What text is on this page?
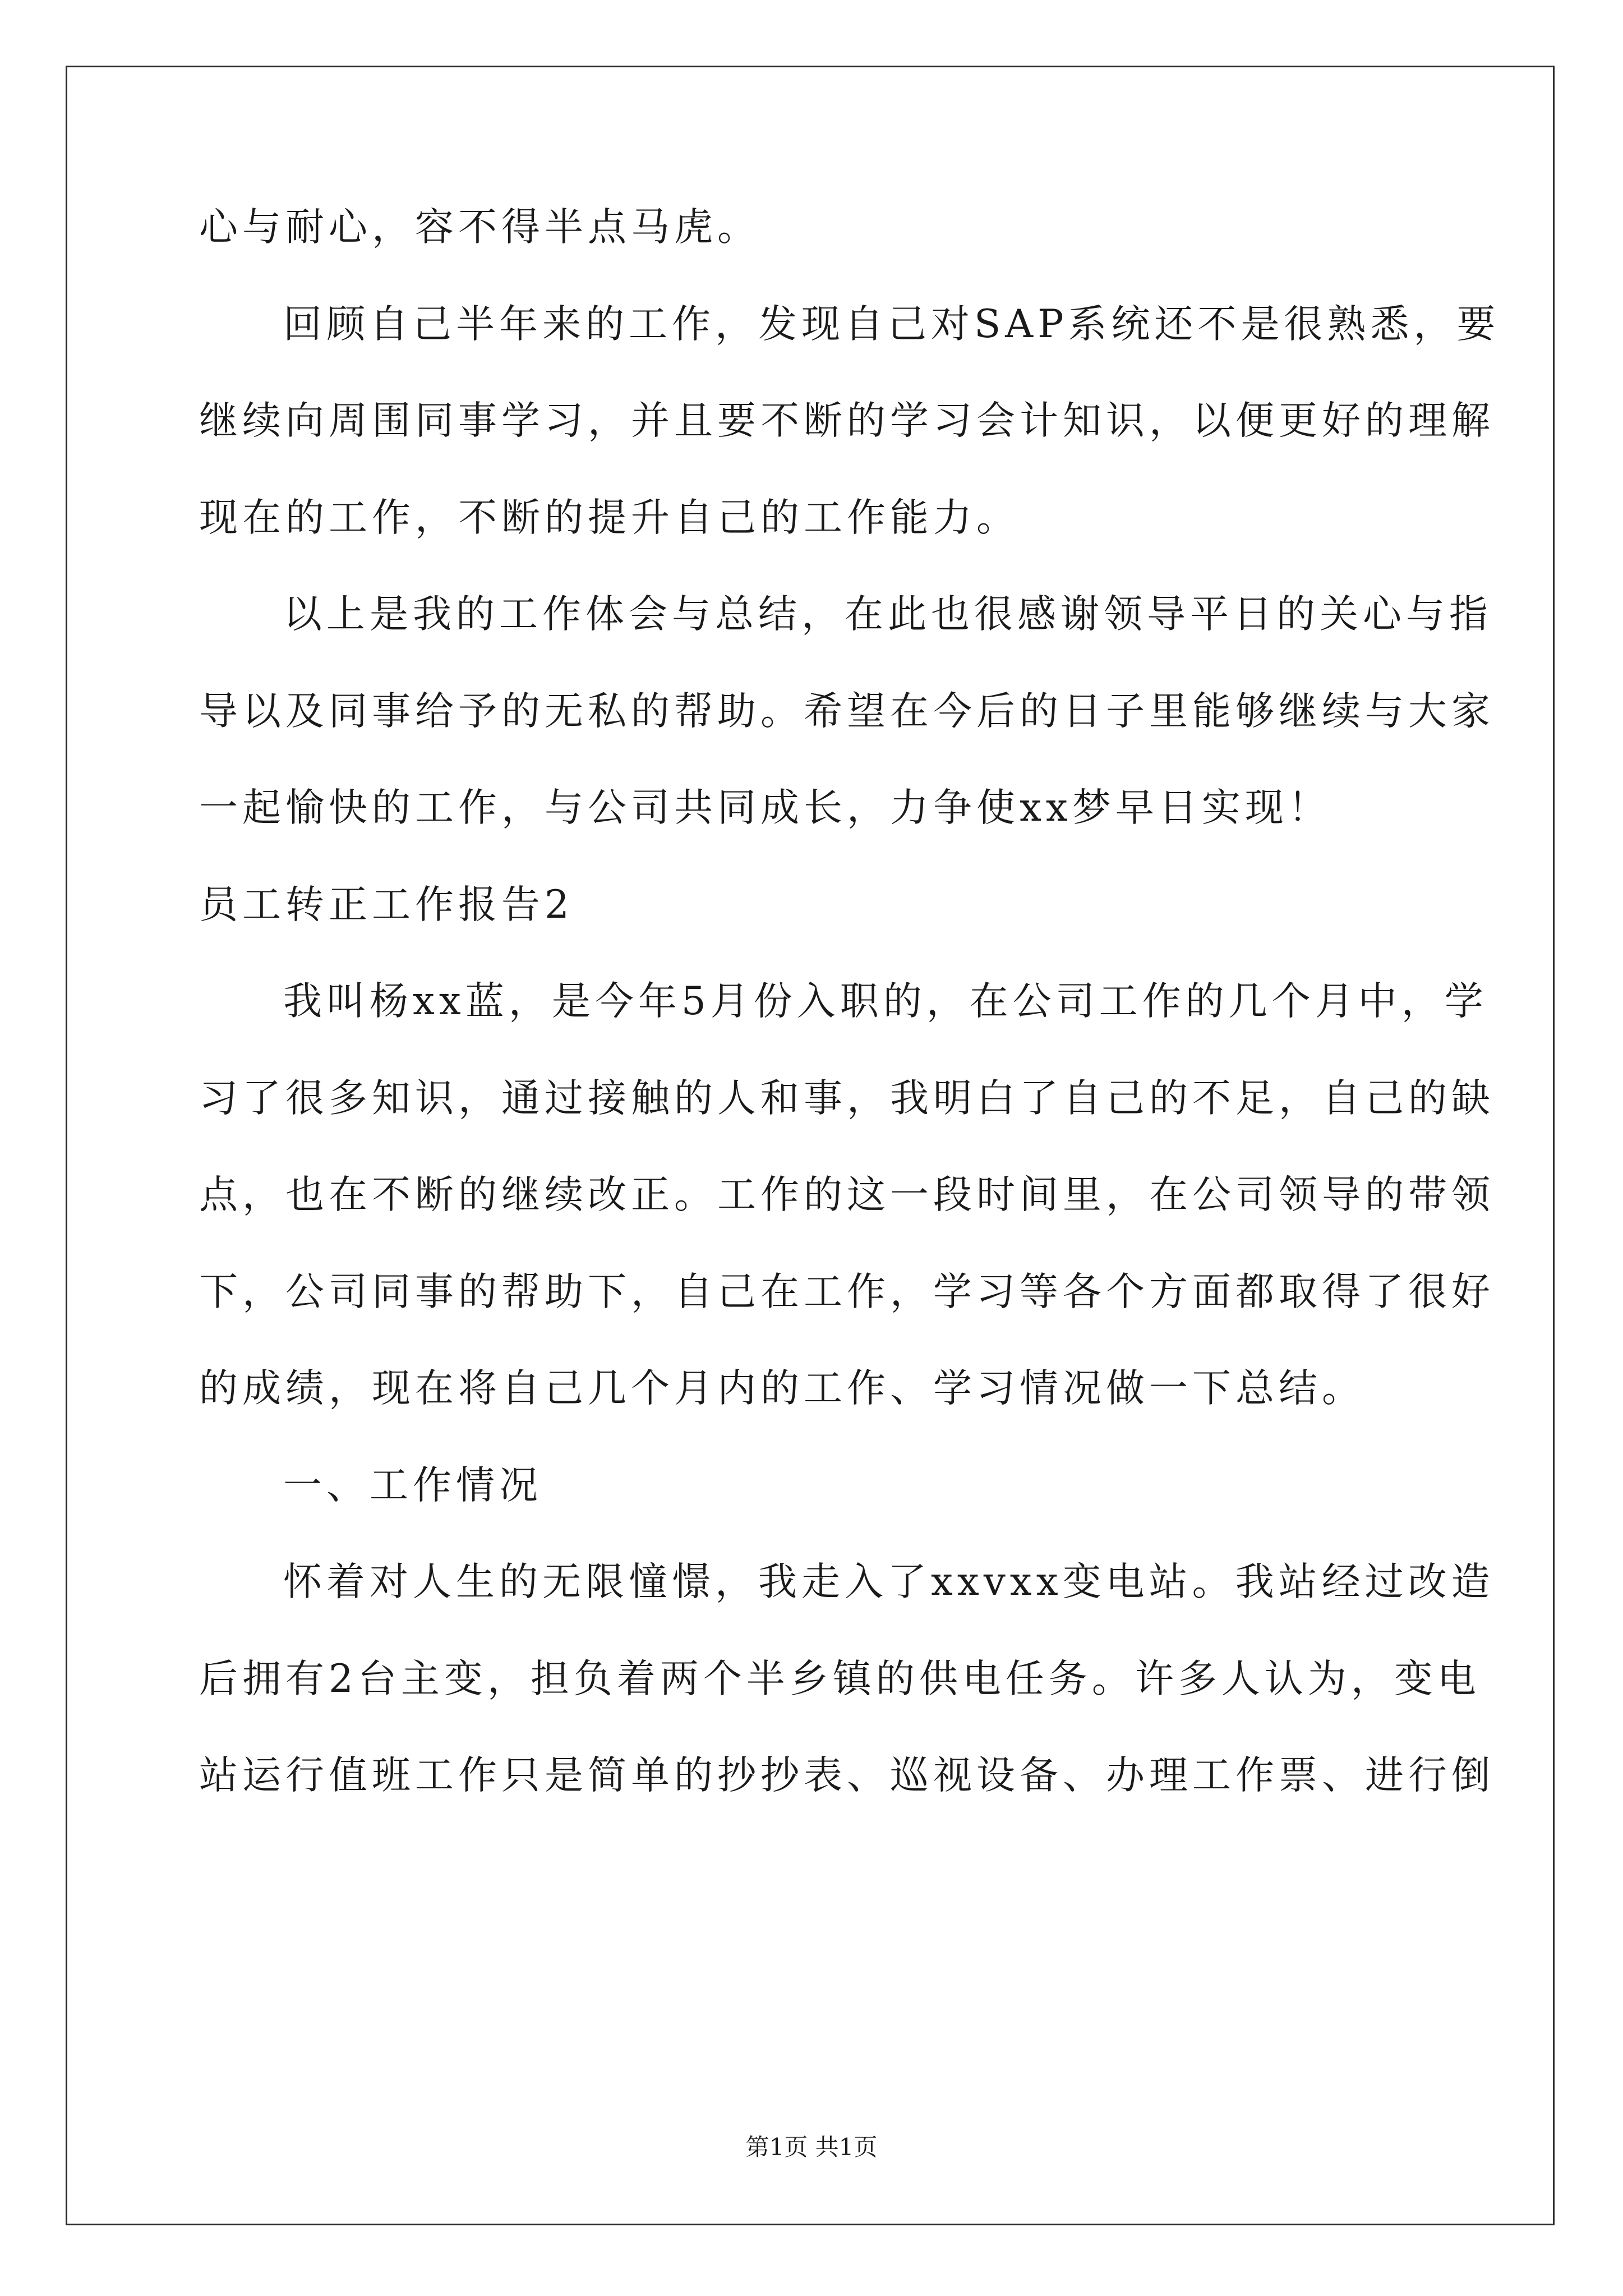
心与耐心，容不得半点马虎。
回顾自己半年来的工作，发现自己对SAP系统还不是很熟悉，要
继续向周围同事学习，并且要不断的学习会计知识，以便更好的理解
现在的工作，不断的提升自己的工作能力。
以上是我的工作体会与总结，在此也很感谢领导平日的关心与指
导以及同事给予的无私的帮助。希望在今后的日子里能够继续与大家
一起愉快的工作，与公司共同成长，力争使xx梦早日实现！
员工转正工作报告2
我叫杨xx蓝，是今年5月份入职的，在公司工作的几个月中，学
习了很多知识，通过接触的人和事，我明白了自己的不足，自己的缺
点，也在不断的继续改正。工作的这一段时间里，在公司领导的带领
下，公司同事的帮助下，自己在工作，学习等各个方面都取得了很好
的成绩，现在将自己几个月内的工作、学习情况做一下总结。
一、工作情况
怀着对人生的无限憧憬，我走入了xxvxx变电站。我站经过改造
后拥有2台主变，担负着两个半乡镇的供电任务。许多人认为，变电
站运行值班工作只是简单的抄抄表、巡视设备、办理工作票、进行倒
第1页 共1页
